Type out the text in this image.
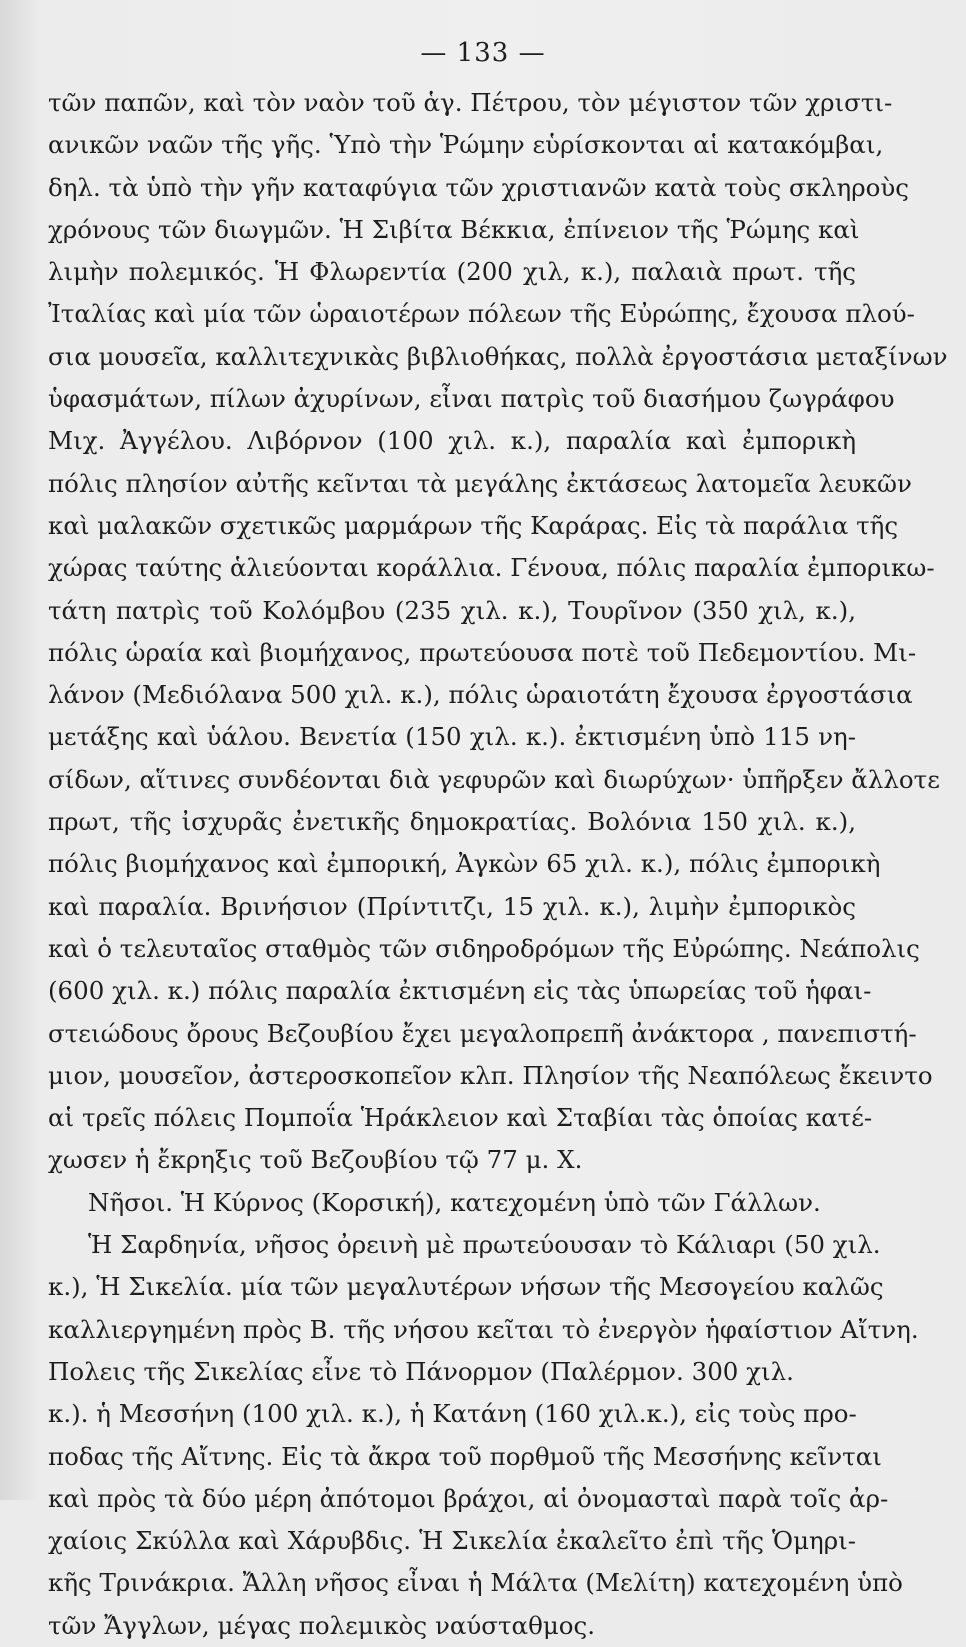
— 133 —
τῶν παπῶν, καὶ τὸν ναὸν τοῦ ἁγ. Πέτρου, τὸν μέγιστον τῶν χριστι-
ανικῶν ναῶν τῆς γῆς. Ὑπὸ τὴν Ῥώμην εὑρίσκονται αἱ κατακόμβαι,
δηλ. τὰ ὑπὸ τὴν γῆν καταφύγια τῶν χριστιανῶν κατὰ τοὺς σκληροὺς
χρόνους τῶν διωγμῶν. Ἡ Σιβίτα Βέκκια, ἐπίνειον τῆς Ῥώμης καὶ
λιμὴν πολεμικός. Ἡ Φλωρεντία (200 χιλ, κ.), παλαιὰ πρωτ. τῆς
Ἰταλίας καὶ μία τῶν ὡραιοτέρων πόλεων τῆς Εὐρώπης, ἔχουσα πλού-
σια μουσεῖα, καλλιτεχνικὰς βιβλιοθήκας, πολλὰ ἐργοστάσια μεταξίνων
ὑφασμάτων, πίλων ἀχυρίνων, εἶναι πατρὶς τοῦ διασήμου ζωγράφου
Μιχ. Ἀγγέλου. Λιβόρνον (100 χιλ. κ.), παραλία καὶ ἐμπορικὴ
πόλις πλησίον αὐτῆς κεῖνται τὰ μεγάλης ἐκτάσεως λατομεῖα λευκῶν
καὶ μαλακῶν σχετικῶς μαρμάρων τῆς Καράρας. Εἰς τὰ παράλια τῆς
χώρας ταύτης ἁλιεύονται κοράλλια. Γένουα, πόλις παραλία ἐμπορικω-
τάτη πατρὶς τοῦ Κολόμβου (235 χιλ. κ.), Τουρῖνον (350 χιλ, κ.),
πόλις ὡραία καὶ βιομήχανος, πρωτεύουσα ποτὲ τοῦ Πεδεμοντίου. Μι-
λάνον (Μεδιόλανα 500 χιλ. κ.), πόλις ὡραιοτάτη ἔχουσα ἐργοστάσια
μετάξης καὶ ὑάλου. Βενετία (150 χιλ. κ.). ἐκτισμένη ὑπὸ 115 νη-
σίδων, αἵτινες συνδέονται διὰ γεφυρῶν καὶ διωρύχων· ὑπῆρξεν ἄλλοτε
πρωτ, τῆς ἰσχυρᾶς ἐνετικῆς δημοκρατίας. Βολόνια 150 χιλ. κ.),
πόλις βιομήχανος καὶ ἐμπορική, Ἀγκὼν 65 χιλ. κ.), πόλις ἐμπορικὴ
καὶ παραλία. Βρινήσιον (Πρίντιτζι, 15 χιλ. κ.), λιμὴν ἐμπορικὸς
καὶ ὁ τελευταῖος σταθμὸς τῶν σιδηροδρόμων τῆς Εὐρώπης. Νεάπολις
(600 χιλ. κ.) πόλις παραλία ἐκτισμένη εἰς τὰς ὑπωρείας τοῦ ἡφαι-
στειώδους ὄρους Βεζουβίου ἔχει μεγαλοπρεπῆ ἀνάκτορα , πανεπιστή-
μιον, μουσεῖον, ἀστεροσκοπεῖον κλπ. Πλησίον τῆς Νεαπόλεως ἔκειντο
αἱ τρεῖς πόλεις Πομποΐα Ἡράκλειον καὶ Σταβίαι τὰς ὁποίας κατέ-
χωσεν ἡ ἔκρηξις τοῦ Βεζουβίου τῷ 77 μ. Χ.
Νῆσοι. Ἡ Κύρνος (Κορσική), κατεχομένη ὑπὸ τῶν Γάλλων.
Ἡ Σαρδηνία, νῆσος ὀρεινὴ μὲ πρωτεύουσαν τὸ Κάλιαρι (50 χιλ.
κ.), Ἡ Σικελία. μία τῶν μεγαλυτέρων νήσων τῆς Μεσογείου καλῶς
καλλιεργημένη πρὸς Β. τῆς νήσου κεῖται τὸ ἐνεργὸν ἡφαίστιον Αἴτνη.
Πολεις τῆς Σικελίας εἶνε τὸ Πάνορμον (Παλέρμον. 300 χιλ.
κ.). ἡ Μεσσήνη (100 χιλ. κ.), ἡ Κατάνη (160 χιλ.κ.), εἰς τοὺς προ-
ποδας τῆς Αἴτνης. Εἰς τὰ ἄκρα τοῦ πορθμοῦ τῆς Μεσσήνης κεῖνται
καὶ πρὸς τὰ δύο μέρη ἀπότομοι βράχοι, αἱ ὀνομασταὶ παρὰ τοῖς ἀρ-
χαίοις Σκύλλα καὶ Χάρυβδις. Ἡ Σικελία ἐκαλεῖτο ἐπὶ τῆς Ὁμηρι-
κῆς Τρινάκρια. Ἄλλη νῆσος εἶναι ἡ Μάλτα (Μελίτη) κατεχομένη ὑπὸ
τῶν Ἄγγλων, μέγας πολεμικὸς ναύσταθμος.
